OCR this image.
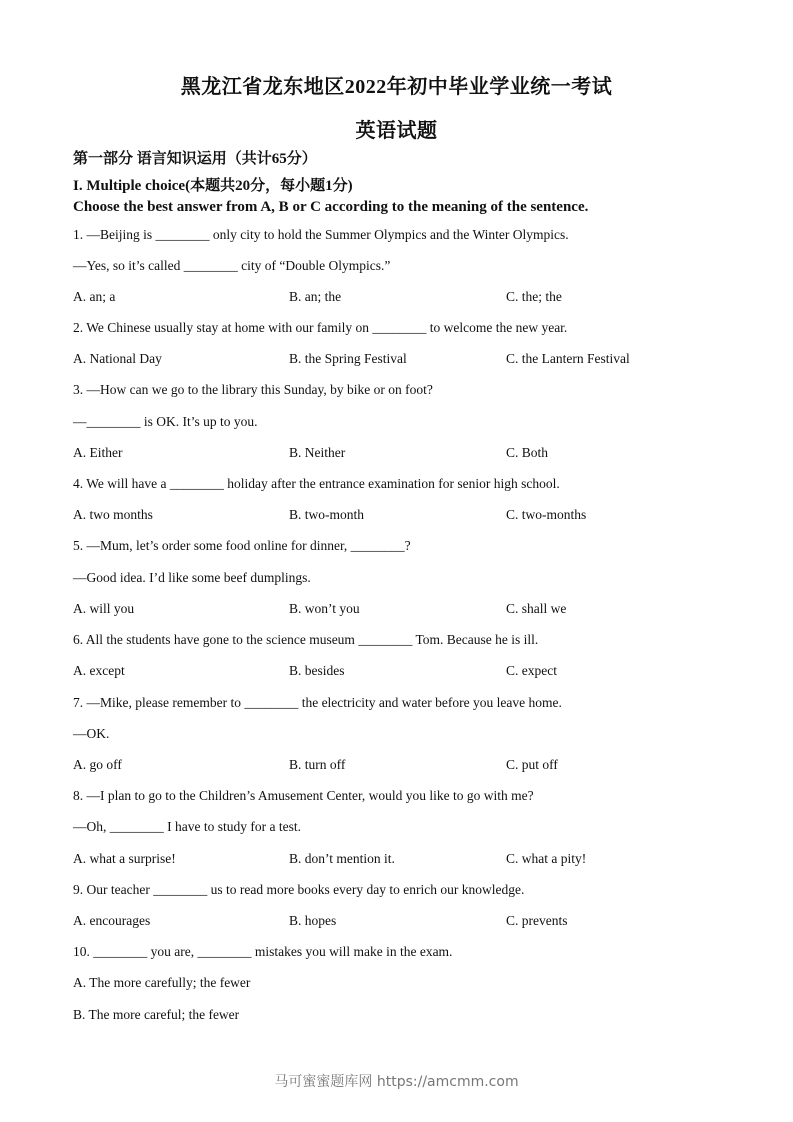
黑龙江省龙东地区2022年初中毕业学业统一考试
英语试题
第一部分 语言知识运用（共计65分）
I. Multiple choice(本题共20分，每小题1分)
Choose the best answer from A, B or C according to the meaning of the sentence.
1. —Beijing is ________ only city to hold the Summer Olympics and the Winter Olympics.
—Yes, so it’s called ________ city of “Double Olympics.”
A. an; a	B. an; the	C. the; the
2. We Chinese usually stay at home with our family on ________ to welcome the new year.
A. National Day	B. the Spring Festival	C. the Lantern Festival
3. —How can we go to the library this Sunday, by bike or on foot?
—________ is OK. It’s up to you.
A. Either	B. Neither	C. Both
4. We will have a ________ holiday after the entrance examination for senior high school.
A. two months	B. two-month	C. two-months
5. —Mum, let’s order some food online for dinner, ________?
—Good idea. I’d like some beef dumplings.
A. will you	B. won’t you	C. shall we
6. All the students have gone to the science museum ________ Tom. Because he is ill.
A. except	B. besides	C. expect
7. —Mike, please remember to ________ the electricity and water before you leave home.
—OK.
A. go off	B. turn off	C. put off
8. —I plan to go to the Children’s Amusement Center, would you like to go with me?
—Oh, ________ I have to study for a test.
A. what a surprise!	B. don’t mention it.	C. what a pity!
9. Our teacher ________ us to read more books every day to enrich our knowledge.
A. encourages	B. hopes	C. prevents
10. ________ you are, ________ mistakes you will make in the exam.
A. The more carefully; the fewer
B. The more careful; the fewer
马可蜜蜜题库网 https://amcmm.com
